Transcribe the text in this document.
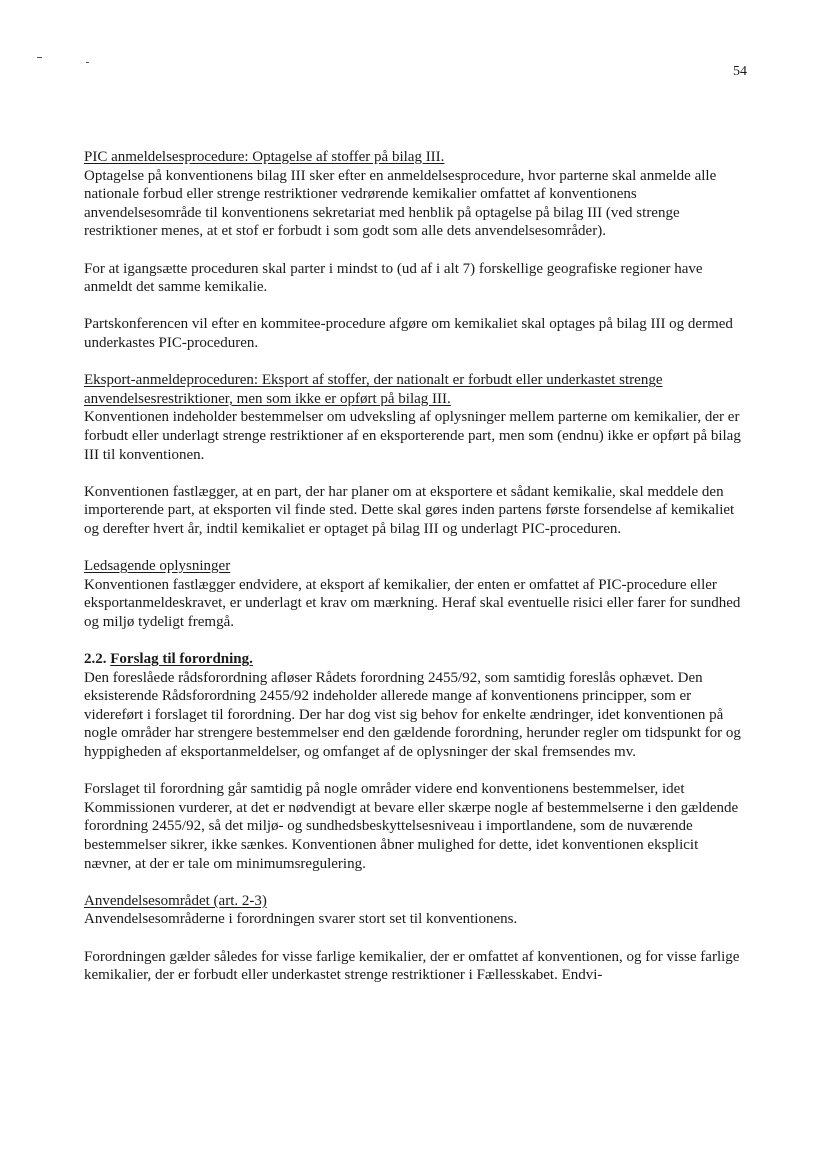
54

PIC anmeldelsesprocedure: Optagelse af stoffer på bilag III.

Optagelse på konventionens bilag III sker efter en anmeldelsesprocedure, hvor parterne skal anmelde alle nationale forbud eller strenge restriktioner vedrørende kemikalier omfattet af konventionens anvendelsesområde til konventionens sekretariat med henblik på optagelse på bilag III (ved strenge restriktioner menes, at et stof er forbudt i som godt som alle dets anvendelsesområder).

For at igangsætte proceduren skal parter i mindst to (ud af i alt 7) forskellige geografiske regioner have anmeldt det samme kemikalie.

Partskonferencen vil efter en kommitee-procedure afgøre om kemikaliet skal optages på bilag III og dermed underkastes PIC-proceduren.

Eksport-anmeldeproceduren: Eksport af stoffer, der nationalt er forbudt eller underkastet strenge anvendelsesrestriktioner, men som ikke er opført på bilag III.

Konventionen indeholder bestemmelser om udveksling af oplysninger mellem parterne om kemikalier, der er forbudt eller underlagt strenge restriktioner af en eksporterende part, men som (endnu) ikke er opført på bilag III til konventionen.

Konventionen fastlægger, at en part, der har planer om at eksportere et sådant kemikalie, skal meddele den importerende part, at eksporten vil finde sted. Dette skal gøres inden partens første forsendelse af kemikaliet og derefter hvert år, indtil kemikaliet er optaget på bilag III og underlagt PIC-proceduren.

Ledsagende oplysninger

Konventionen fastlægger endvidere, at eksport af kemikalier, der enten er omfattet af PIC-procedure eller eksportanmeldeskravet, er underlagt et krav om mærkning. Heraf skal eventuelle risici eller farer for sundhed og miljø tydeligt fremgå.

2.2. Forslag til forordning.

Den foreslåede rådsforordning afløser Rådets forordning 2455/92, som samtidig foreslås ophævet. Den eksisterende Rådsforordning 2455/92 indeholder allerede mange af konventionens principper, som er videreført i forslaget til forordning. Der har dog vist sig behov for enkelte ændringer, idet konventionen på nogle områder har strengere bestemmelser end den gældende forordning, herunder regler om tidspunkt for og hyppigheden af eksportanmeldelser, og omfanget af de oplysninger der skal fremsendes mv.

Forslaget til forordning går samtidig på nogle områder videre end konventionens bestemmelser, idet Kommissionen vurderer, at det er nødvendigt at bevare eller skærpe nogle af bestemmelserne i den gældende forordning 2455/92, så det miljø- og sundhedsbeskyttelsesniveau i importlandene, som de nuværende bestemmelser sikrer, ikke sænkes. Konventionen åbner mulighed for dette, idet konventionen eksplicit nævner, at der er tale om minimumsregulering.

Anvendelsesområdet (art. 2-3)

Anvendelsesområderne i forordningen svarer stort set til konventionens.

Forordningen gælder således for visse farlige kemikalier, der er omfattet af konventionen, og for visse farlige kemikalier, der er forbudt eller underkastet strenge restriktioner i Fællesskabet. Endvi-
